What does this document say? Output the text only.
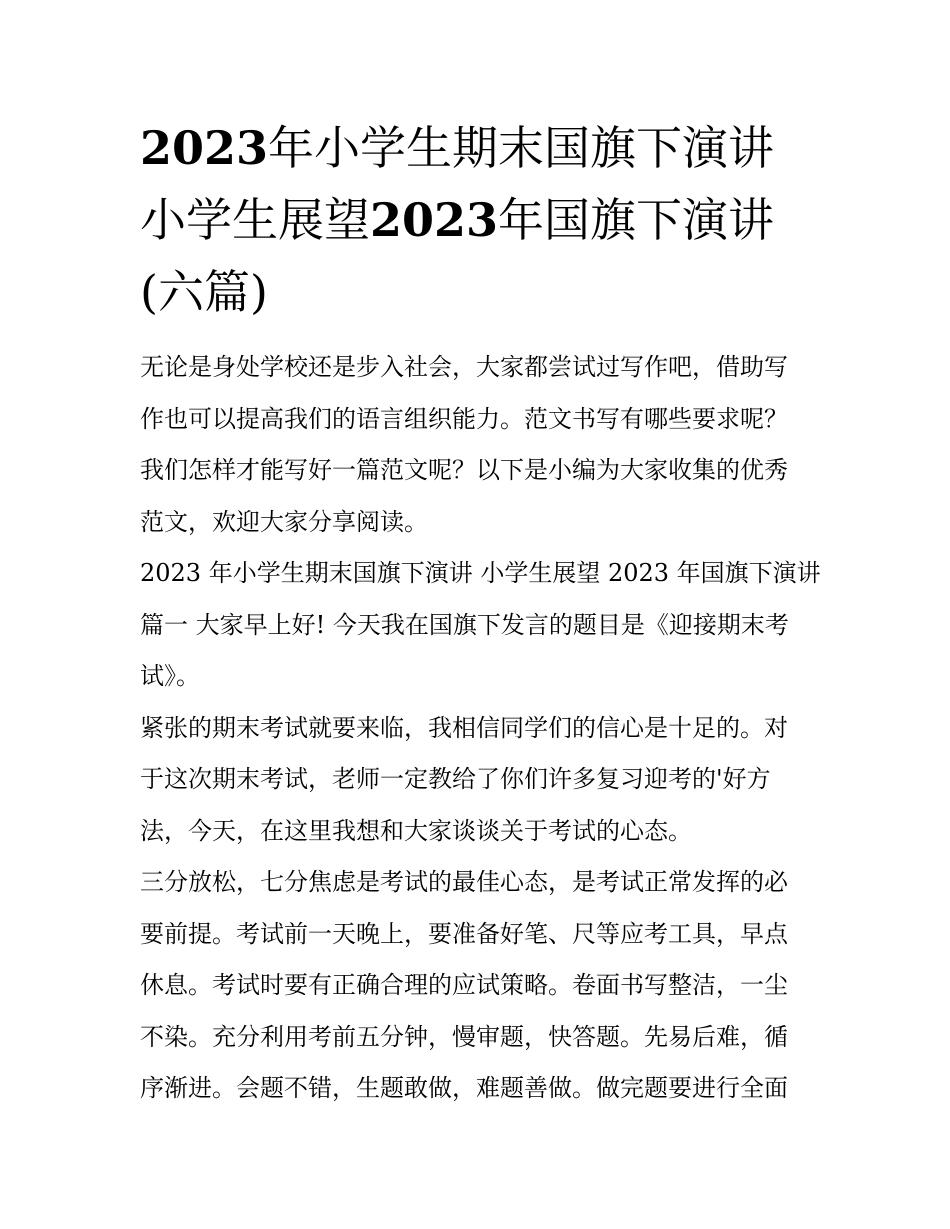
2023年小学生期末国旗下演讲
小学生展望2023年国旗下演讲
(六篇)
无论是身处学校还是步入社会，大家都尝试过写作吧，借助写
作也可以提高我们的语言组织能力。范文书写有哪些要求呢？
我们怎样才能写好一篇范文呢？以下是小编为大家收集的优秀
范文，欢迎大家分享阅读。
2023 年小学生期末国旗下演讲 小学生展望 2023 年国旗下演讲
篇一 大家早上好! 今天我在国旗下发言的题目是《迎接期末考
试》。
紧张的期末考试就要来临，我相信同学们的信心是十足的。对
于这次期末考试，老师一定教给了你们许多复习迎考的'好方
法，今天，在这里我想和大家谈谈关于考试的心态。
三分放松，七分焦虑是考试的最佳心态，是考试正常发挥的必
要前提。考试前一天晚上，要准备好笔、尺等应考工具，早点
休息。考试时要有正确合理的应试策略。卷面书写整洁，一尘
不染。充分利用考前五分钟，慢审题，快答题。先易后难，循
序渐进。会题不错，生题敢做，难题善做。做完题要进行全面
